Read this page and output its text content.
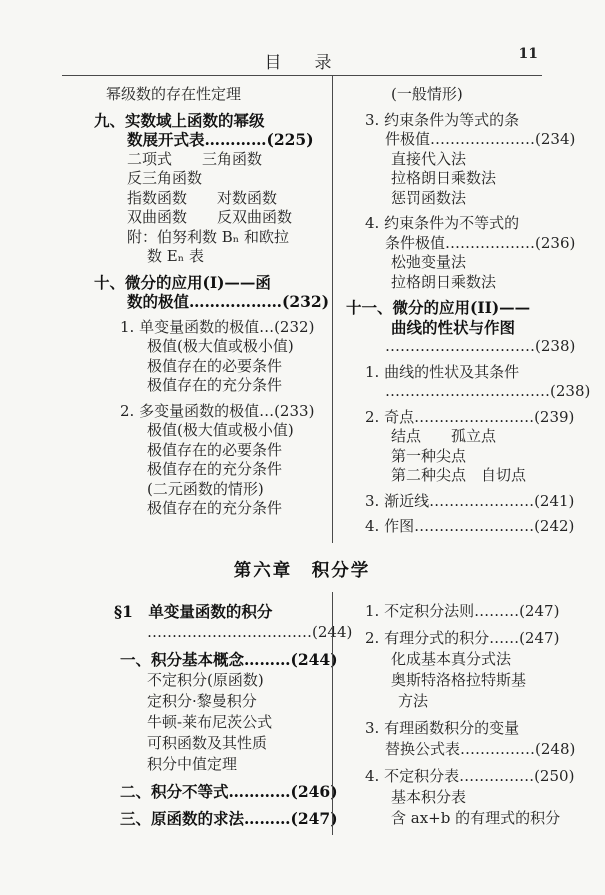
目　录	11
幂级数的存在性定理
九、实数域上函数的幂级
数展开式表…………(225)
二项式　　三角函数
反三角函数
指数函数　　对数函数
双曲函数　　反双曲函数
附：伯努利数 Bₙ 和欧拉
数 Eₙ 表
十、微分的应用(I)——函
数的极值………………(232)
1. 单变量函数的极值…(232)
极值(极大值或极小值)
极值存在的必要条件
极值存在的充分条件
2. 多变量函数的极值…(233)
极值(极大值或极小值)
极值存在的必要条件
极值存在的充分条件
(二元函数的情形)
极值存在的充分条件
(一般情形)
3. 约束条件为等式的条
件极值…………………(234)
直接代入法
拉格朗日乘数法
惩罚函数法
4. 约束条件为不等式的
条件极值………………(236)
松弛变量法
拉格朗日乘数法
十一、微分的应用(II)——
曲线的性状与作图
…………………………(238)
1. 曲线的性状及其条件
……………………………(238)
2. 奇点……………………(239)
结点　　孤立点
第一种尖点
第二种尖点　自切点
3. 渐近线…………………(241)
4. 作图……………………(242)
第六章　积分学
§1　单变量函数的积分
……………………………(244)
一、积分基本概念………(244)
不定积分(原函数)
定积分·黎曼积分
牛顿-莱布尼茨公式
可积函数及其性质
积分中值定理
二、积分不等式…………(246)
三、原函数的求法………(247)
1. 不定积分法则………(247)
2. 有理分式的积分……(247)
化成基本真分式法
奥斯特洛格拉特斯基
方法
3. 有理函数积分的变量
替换公式表……………(248)
4. 不定积分表……………(250)
基本积分表
含 ax+b 的有理式的积分
